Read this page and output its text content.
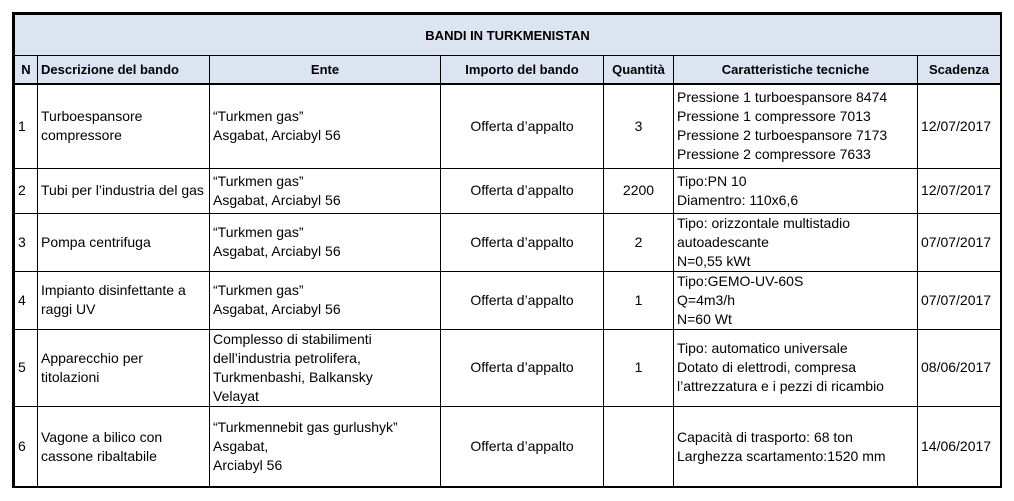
BANDI IN TURKMENISTAN						
N	Descrizione del bando	Ente	Importo del bando	Quantità	Caratteristiche tecniche	Scadenza
1	Turboespansore
compressore	“Turkmen gas”
Asgabat, Arciabyl 56	Offerta d’appalto	3	Pressione 1 turboespansore 8474
Pressione 1 compressore 7013
Pressione 2 turboespansore 7173
Pressione 2 compressore 7633	12/07/2017
2	Tubi per l’industria del gas	“Turkmen gas”
Asgabat, Arciabyl 56	Offerta d’appalto	2200	Tipo:PN 10
Diamentro: 110x6,6	12/07/2017
3	Pompa centrifuga	“Turkmen gas”
Asgabat, Arciabyl 56	Offerta d’appalto	2	Tipo: orizzontale multistadio
autoadescante
N=0,55 kWt	07/07/2017
4	Impianto disinfettante a
raggi UV	“Turkmen gas”
Asgabat, Arciabyl 56	Offerta d’appalto	1	Tipo:GEMO-UV-60S
Q=4m3/h
N=60 Wt	07/07/2017
5	Apparecchio per
titolazioni	Complesso di stabilimenti
dell’industria petrolifera,
Turkmenbashi, Balkansky
Velayat	Offerta d’appalto	1	Tipo: automatico universale
Dotato di elettrodi, compresa
l’attrezzatura e i pezzi di ricambio	08/06/2017
6	Vagone a bilico con
cassone ribaltabile	“Turkmennebit gas gurlushyk”
Asgabat,
Arciabyl 56	Offerta d’appalto		Capacità di trasporto: 68 ton
Larghezza scartamento:1520 mm	14/06/2017
